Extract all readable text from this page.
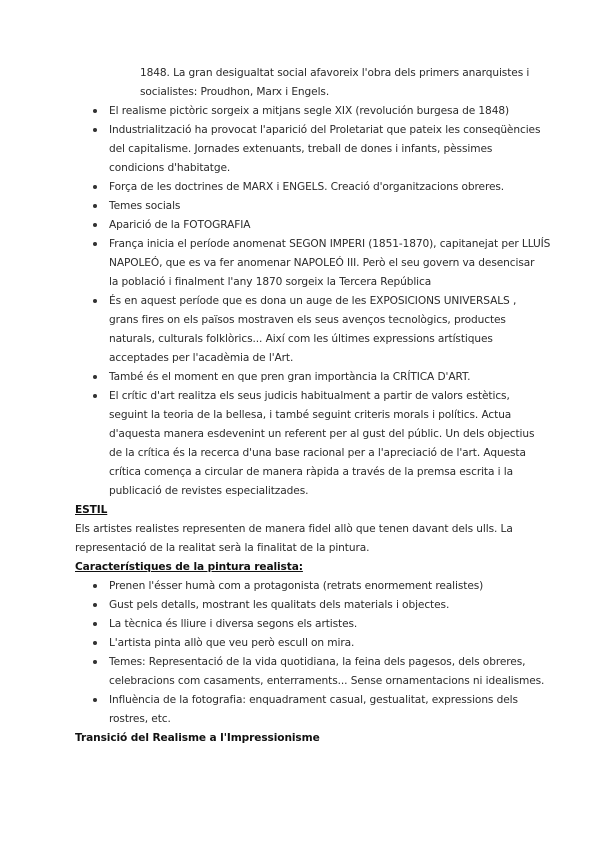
1848. La gran desigualtat social afavoreix l'obra dels primers anarquistes i
socialistes: Proudhon, Marx i Engels.
El realisme pictòric sorgeix a mitjans segle XIX (revolución burgesa de 1848)
Industrialització ha provocat l'aparició del Proletariat que pateix les conseqüències
del capitalisme. Jornades extenuants, treball de dones i infants, pèssimes
condicions d'habitatge.
Força de les doctrines de MARX i ENGELS. Creació d'organitzacions obreres.
Temes socials
Aparició de la FOTOGRAFIA
França inicia el període anomenat SEGON IMPERI (1851-1870), capitanejat per LLUÍS
NAPOLEÓ, que es va fer anomenar NAPOLEÓ III. Però el seu govern va desencisar
la població i finalment l'any 1870 sorgeix la Tercera República
És en aquest període que es dona un auge de les EXPOSICIONS UNIVERSALS ,
grans fires on els països mostraven els seus avenços tecnològics, productes
naturals, culturals folklòrics... Així com les últimes expressions artístiques
acceptades per l'acadèmia de l'Art.
També és el moment en que pren gran importància la CRÍTICA D'ART.
El crític d'art realitza els seus judicis habitualment a partir de valors estètics,
seguint la teoria de la bellesa, i també seguint criteris morals i polítics. Actua
d'aquesta manera esdevenint un referent per al gust del públic. Un dels objectius
de la crítica és la recerca d'una base racional per a l'apreciació de l'art. Aquesta
crítica comença a circular de manera ràpida a través de la premsa escrita i la
publicació de revistes especialitzades.
ESTIL
Els artistes realistes representen de manera fidel allò que tenen davant dels ulls. La
representació de la realitat serà la finalitat de la pintura.
Característiques de la pintura realista:
Prenen l'ésser humà com a protagonista (retrats enormement realistes)
Gust pels detalls, mostrant les qualitats dels materials i objectes.
La tècnica és lliure i diversa segons els artistes.
L'artista pinta allò que veu però escull on mira.
Temes: Representació de la vida quotidiana, la feina dels pagesos, dels obreres,
celebracions com casaments, enterraments... Sense ornamentacions ni idealismes.
Influència de la fotografia: enquadrament casual, gestualitat, expressions dels
rostres, etc.
Transició del Realisme a l'Impressionisme
